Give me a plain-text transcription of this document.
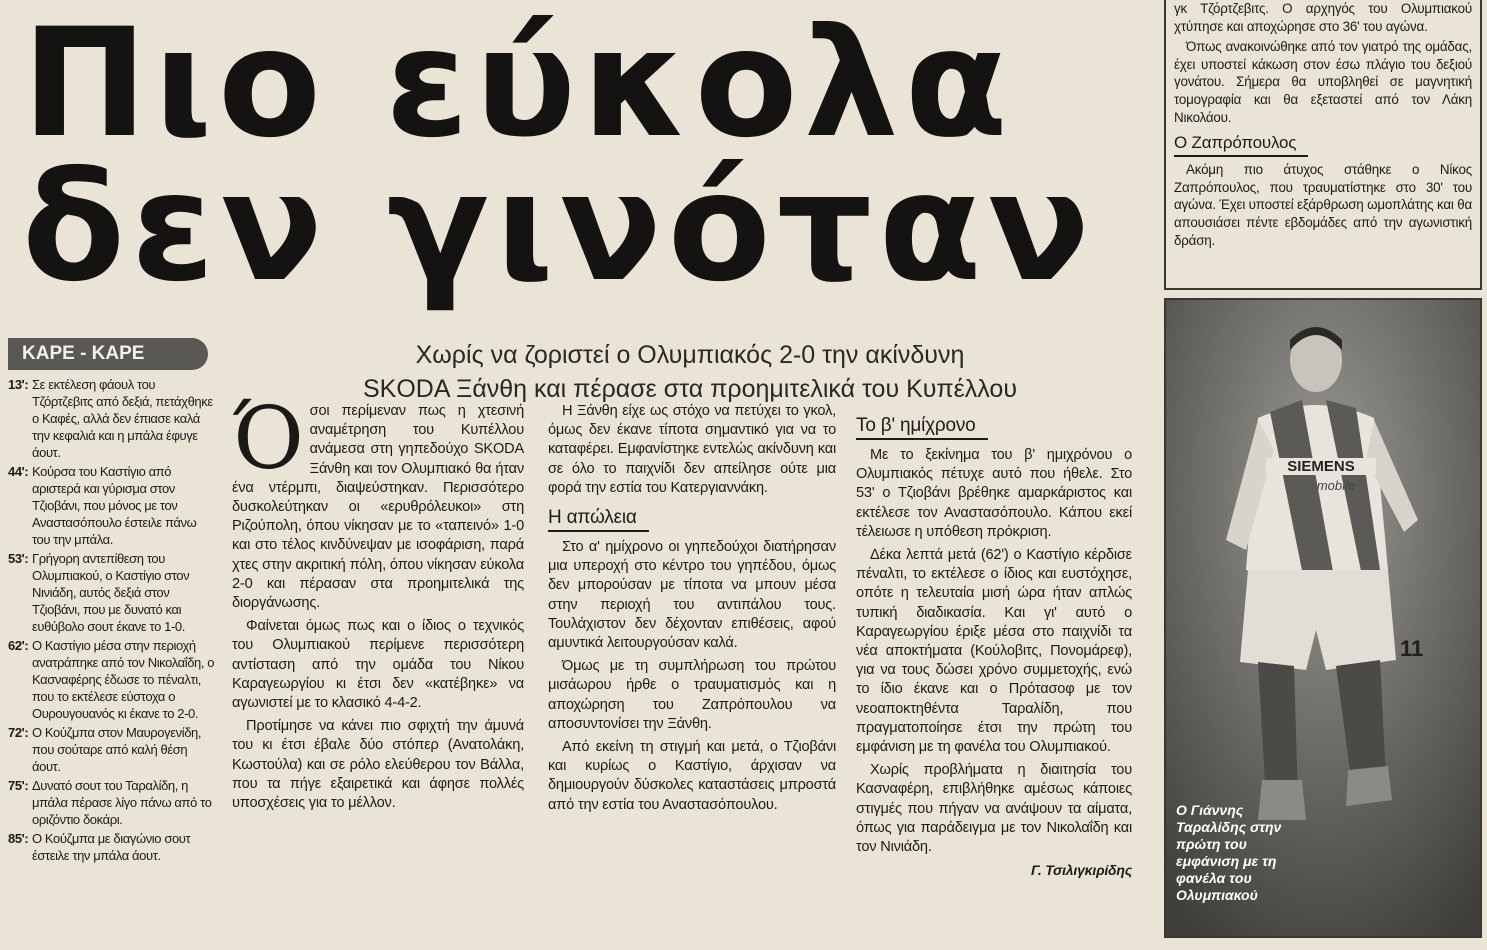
Πιο εύκολα
δεν γινόταν
Χωρίς να ζοριστεί ο Ολυμπιακός 2-0 την ακίνδυνη
SKODA Ξάνθη και πέρασε στα προημιτελικά του Κυπέλλου
ΚΑΡΕ - ΚΑΡΕ
13': Σε εκτέλεση φάουλ του Τζόρτζεβιτς από δεξιά, πετάχθηκε ο Καφές, αλλά δεν έπιασε καλά την κεφαλιά και η μπάλα έφυγε άουτ.
44': Κούρσα του Καστίγιο από αριστερά και γύρισμα στον Τζιοβάνι, που μόνος με τον Αναστασόπουλο έστειλε πάνω του την μπάλα.
53': Γρήγορη αντεπίθεση του Ολυμπιακού, ο Καστίγιο στον Νινιάδη, αυτός δεξιά στον Τζιοβάνι, που με δυνατό και ευθύβολο σουτ έκανε το 1-0.
62': Ο Καστίγιο μέσα στην περιοχή ανατράπηκε από τον Νικολαΐδη, ο Κασναφέρης έδωσε το πέναλτι, που το εκτέλεσε εύστοχα ο Ουρουγουανός κι έκανε το 2-0.
72': Ο Κούζμπα στον Μαυρογενίδη, που σούταρε από καλή θέση άουτ.
75': Δυνατό σουτ του Ταραλίδη, η μπάλα πέρασε λίγο πάνω από το οριζόντιο δοκάρι.
85': Ο Κούζμπα με διαγώνιο σουτ έστειλε την μπάλα άουτ.
Ό σοι περίμεναν πως η χτεσινή αναμέτρηση του Κυπέλλου ανάμεσα στη γηπεδούχο SKODA Ξάνθη και τον Ολυμπιακό θα ήταν ένα ντέρμπι, διαψεύστηκαν. Περισσότερο δυσκολεύτηκαν οι «ερυθρόλευκοι» στη Ριζούπολη, όπου νίκησαν με το «ταπεινό» 1-0 και στο τέλος κινδύνεψαν με ισοφάριση, παρά χτες στην ακριτική πόλη, όπου νίκησαν εύκολα 2-0 και πέρασαν στα προημιτελικά της διοργάνωσης.

Φαίνεται όμως πως και ο ίδιος ο τεχνικός του Ολυμπιακού περίμενε περισσότερη αντίσταση από την ομάδα του Νίκου Καραγεωργίου κι έτσι δεν «κατέβηκε» να αγωνιστεί με το κλασικό 4-4-2.

Προτίμησε να κάνει πιο σφιχτή την άμυνά του κι έτσι έβαλε δύο στόπερ (Ανατολάκη, Κωστούλα) και σε ρόλο ελεύθερου τον Βάλλα, που τα πήγε εξαιρετικά και άφησε πολλές υποσχέσεις για το μέλλον.

Η Ξάνθη είχε ως στόχο να πετύχει το γκολ, όμως δεν έκανε τίποτα σημαντικό για να το καταφέρει. Εμφανίστηκε εντελώς ακίνδυνη και σε όλο το παιχνίδι δεν απείλησε ούτε μια φορά την εστία του Κατεργιαννάκη.

Η απώλεια

Στο α' ημίχρονο οι γηπεδούχοι διατήρησαν μια υπεροχή στο κέντρο του γηπέδου, όμως δεν μπορούσαν με τίποτα να μπουν μέσα στην περιοχή του αντιπάλου τους. Τουλάχιστον δεν δέχονταν επιθέσεις, αφού αμυντικά λειτουργούσαν καλά.

Όμως με τη συμπλήρωση του πρώτου μισάωρου ήρθε ο τραυματισμός και η αποχώρηση του Ζαπρόπουλου να αποσυντονίσει την Ξάνθη.

Από εκείνη τη στιγμή και μετά, ο Τζιοβάνι και κυρίως ο Καστίγιο, άρχισαν να δημιουργούν δύσκολες καταστάσεις μπροστά από την εστία του Αναστασόπουλου.

Το β' ημίχρονο

Με το ξεκίνημα του β' ημιχρόνου ο Ολυμπιακός πέτυχε αυτό που ήθελε. Στο 53' ο Τζιοβάνι βρέθηκε αμαρκάριστος και εκτέλεσε τον Αναστασόπουλο. Κάπου εκεί τέλειωσε η υπόθεση πρόκριση.

Δέκα λεπτά μετά (62') ο Καστίγιο κέρδισε πέναλτι, το εκτέλεσε ο ίδιος και ευστόχησε, οπότε η τελευταία μισή ώρα ήταν απλώς τυπική διαδικασία. Και γι' αυτό ο Καραγεωργίου έριξε μέσα στο παιχνίδι τα νέα αποκτήματα (Κούλοβιτς, Πονομάρεφ), για να τους δώσει χρόνο συμμετοχής, ενώ το ίδιο έκανε και ο Πρότασοφ με τον νεοαποκτηθέντα Ταραλίδη, που πραγματοποίησε έτσι την πρώτη του εμφάνιση με τη φανέλα του Ολυμπιακού.

Χωρίς προβλήματα η διαιτησία του Κασναφέρη, επιβλήθηκε αμέσως κάποιες στιγμές που πήγαν να ανάψουν τα αίματα, όπως για παράδειγμα με τον Νικολαΐδη και τον Νινιάδη.

Γ. Τσιλιγκιρίδης

γκ Τζόρτζεβιτς. Ο αρχηγός του Ολυμπιακού χτύπησε και αποχώρησε στο 36' του αγώνα.

Όπως ανακοινώθηκε από τον γιατρό της ομάδας, έχει υποστεί κάκωση στον έσω πλάγιο του δεξιού γονάτου. Σήμερα θα υποβληθεί σε μαγνητική τομογραφία και θα εξεταστεί από τον Λάκη Νικολάου.

Ο Ζαπρόπουλος

Ακόμη πιο άτυχος στάθηκε ο Νίκος Ζαπρόπουλος, που τραυματίστηκε στο 30' του αγώνα. Έχει υποστεί εξάρθρωση ωμοπλάτης και θα απουσιάσει πέντε εβδομάδες από την αγωνιστική δράση.

SIEMENS
mobile
11
Ο Γιάννης Ταραλίδης στην πρώτη του εμφάνιση με τη φανέλα του Ολυμπιακού
